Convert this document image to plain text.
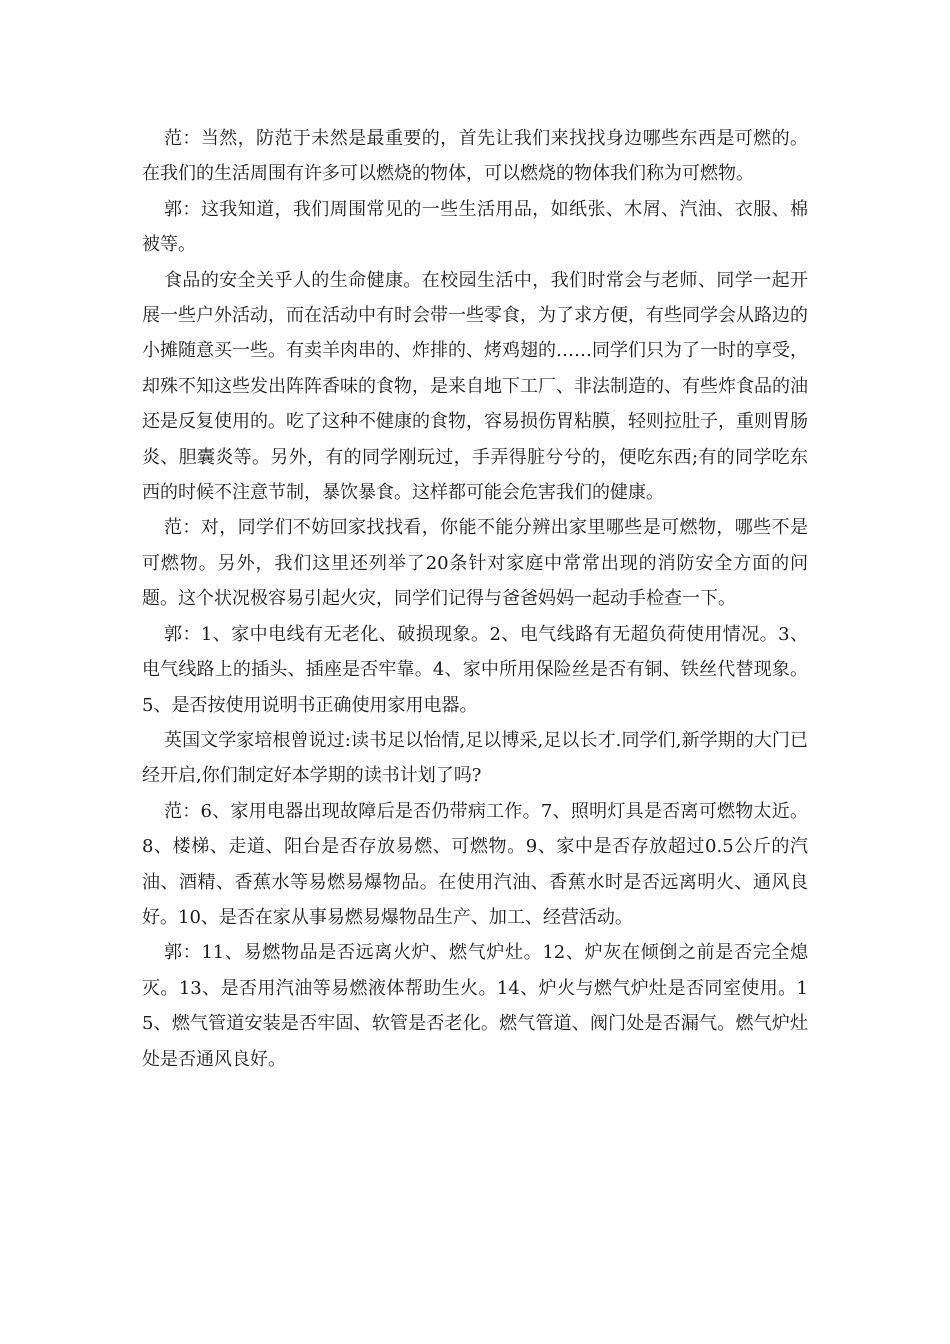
范：当然，防范于未然是最重要的，首先让我们来找找身边哪些东西是可燃的。在我们的生活周围有许多可以燃烧的物体，可以燃烧的物体我们称为可燃物。

郭：这我知道，我们周围常见的一些生活用品，如纸张、木屑、汽油、衣服、棉被等。

食品的安全关乎人的生命健康。在校园生活中，我们时常会与老师、同学一起开展一些户外活动，而在活动中有时会带一些零食，为了求方便，有些同学会从路边的小摊随意买一些。有卖羊肉串的、炸排的、烤鸡翅的……同学们只为了一时的享受，却殊不知这些发出阵阵香味的食物，是来自地下工厂、非法制造的、有些炸食品的油还是反复使用的。吃了这种不健康的食物，容易损伤胃粘膜，轻则拉肚子，重则胃肠炎、胆囊炎等。另外，有的同学刚玩过，手弄得脏兮兮的，便吃东西;有的同学吃东西的时候不注意节制，暴饮暴食。这样都可能会危害我们的健康。

范：对，同学们不妨回家找找看，你能不能分辨出家里哪些是可燃物，哪些不是可燃物。另外，我们这里还列举了20条针对家庭中常常出现的消防安全方面的问题。这个状况极容易引起火灾，同学们记得与爸爸妈妈一起动手检查一下。

郭：1、家中电线有无老化、破损现象。2、电气线路有无超负荷使用情况。3、电气线路上的插头、插座是否牢靠。4、家中所用保险丝是否有铜、铁丝代替现象。5、是否按使用说明书正确使用家用电器。

英国文学家培根曾说过:读书足以怡情,足以博采,足以长才.同学们,新学期的大门已经开启,你们制定好本学期的读书计划了吗?

范：6、家用电器出现故障后是否仍带病工作。7、照明灯具是否离可燃物太近。8、楼梯、走道、阳台是否存放易燃、可燃物。9、家中是否存放超过0.5公斤的汽油、酒精、香蕉水等易燃易爆物品。在使用汽油、香蕉水时是否远离明火、通风良好。10、是否在家从事易燃易爆物品生产、加工、经营活动。

郭：11、易燃物品是否远离火炉、燃气炉灶。12、炉灰在倾倒之前是否完全熄灭。13、是否用汽油等易燃液体帮助生火。14、炉火与燃气炉灶是否同室使用。15、燃气管道安装是否牢固、软管是否老化。燃气管道、阀门处是否漏气。燃气炉灶处是否通风良好。
